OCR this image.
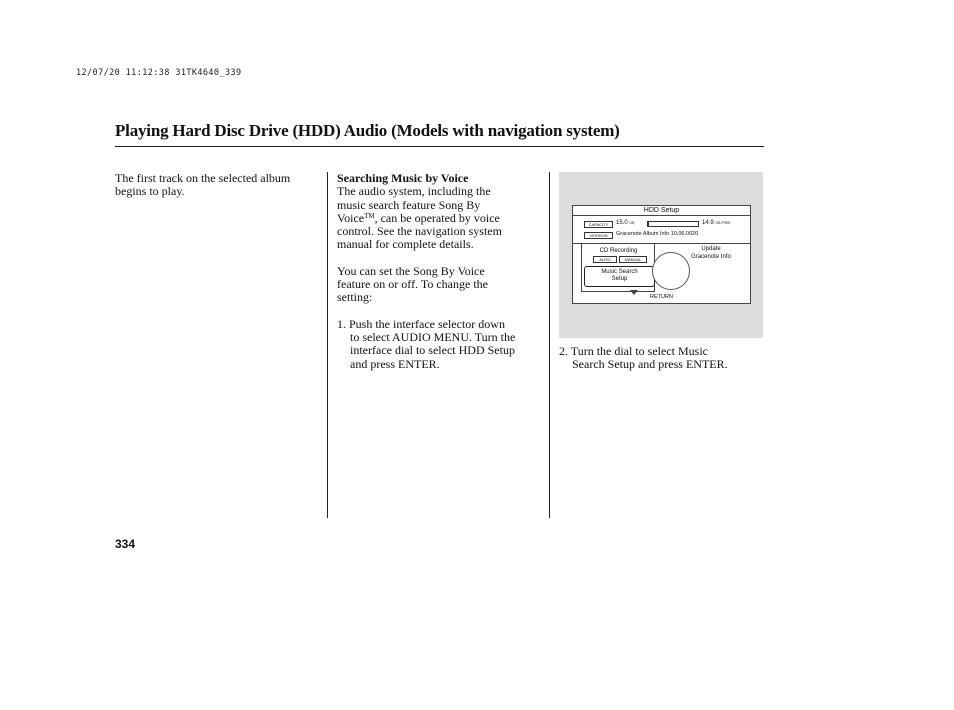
12/07/20 11:12:38 31TK4640_339
Playing Hard Disc Drive (HDD) Audio (Models with navigation system)

The first track on the selected album

begins to play.

Searching Music by Voice

The audio system, including the

music search feature Song By

Voice™, can be operated by voice

control. See the navigation system

manual for complete details.

You can set the Song By Voice

feature on or off. To change the

setting:

1. Push the interface selector down

to select AUDIO MENU. Turn the

interface dial to select HDD Setup

and press ENTER.

HDD Setup
CAPACITY	15.0 GB	14.9 GB FREE
VERSION	Gracenote Album Info 10.06.0020
CD Recording
AUTO	MANUAL
Music Search
Setup
Update
Gracenote Info
RETURN

2. Turn the dial to select Music

Search Setup and press ENTER.

334
